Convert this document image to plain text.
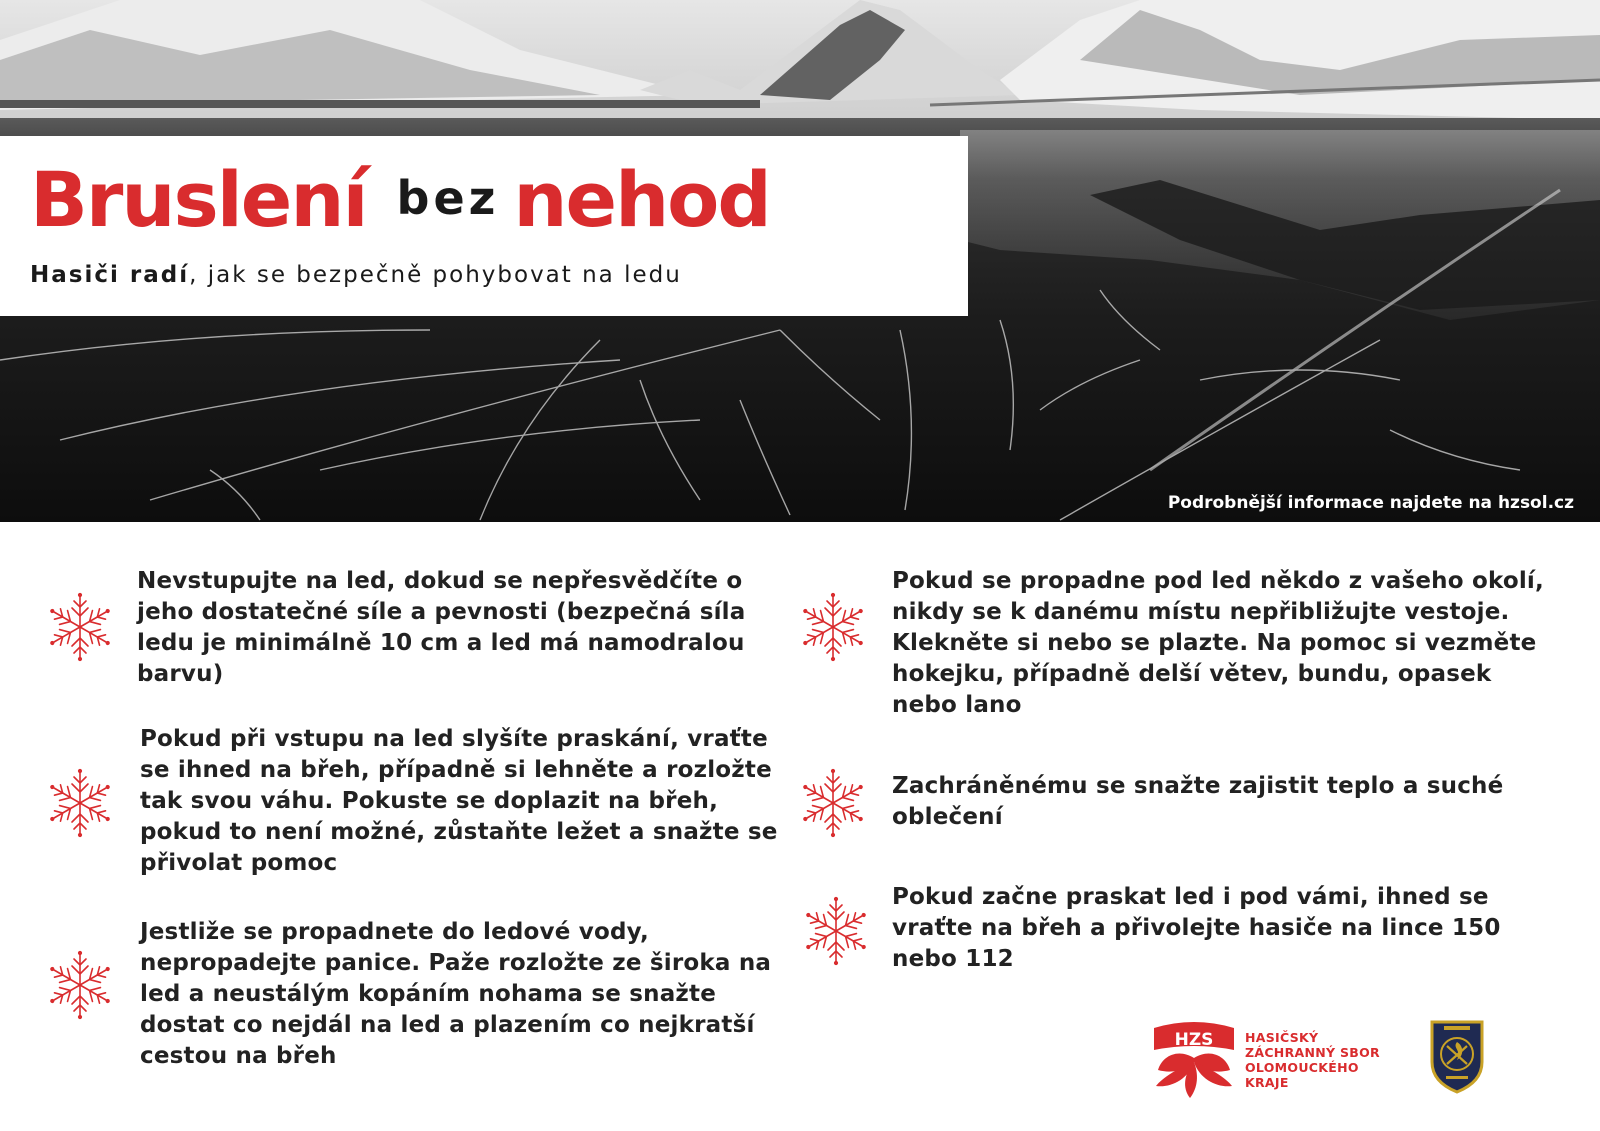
Bruslení bez nehod
Hasiči radí, jak se bezpečně pohybovat na ledu
Podrobnější informace najdete na hzsol.cz
Nevstupujte na led, dokud se nepřesvědčíte o jeho dostatečné síle a pevnosti (bezpečná síla ledu je minimálně 10 cm a led má namodralou barvu)
Pokud při vstupu na led slyšíte praskání, vraťte se ihned na břeh, případně si lehněte a rozložte tak svou váhu. Pokuste se doplazit na břeh, pokud to není možné, zůstaňte ležet a snažte se přivolat pomoc
Jestliže se propadnete do ledové vody, nepropadejte panice. Paže rozložte ze široka na led a neustálým kopáním nohama se snažte dostat co nejdál na led a plazením co nejkratší cestou na břeh
Pokud se propadne pod led někdo z vašeho okolí, nikdy se k danému místu nepřibližujte vestoje. Klekněte si nebo se plazte. Na pomoc si vezměte hokejku, případně delší větev, bundu, opasek nebo lano
Zachráněnému se snažte zajistit teplo a suché oblečení
Pokud začne praskat led i pod vámi, ihned se vraťte na břeh a přivolejte hasiče na lince 150 nebo 112
HZS	HASIČSKÝ
ZÁCHRANNÝ SBOR
OLOMOUCKÉHO
KRAJE
